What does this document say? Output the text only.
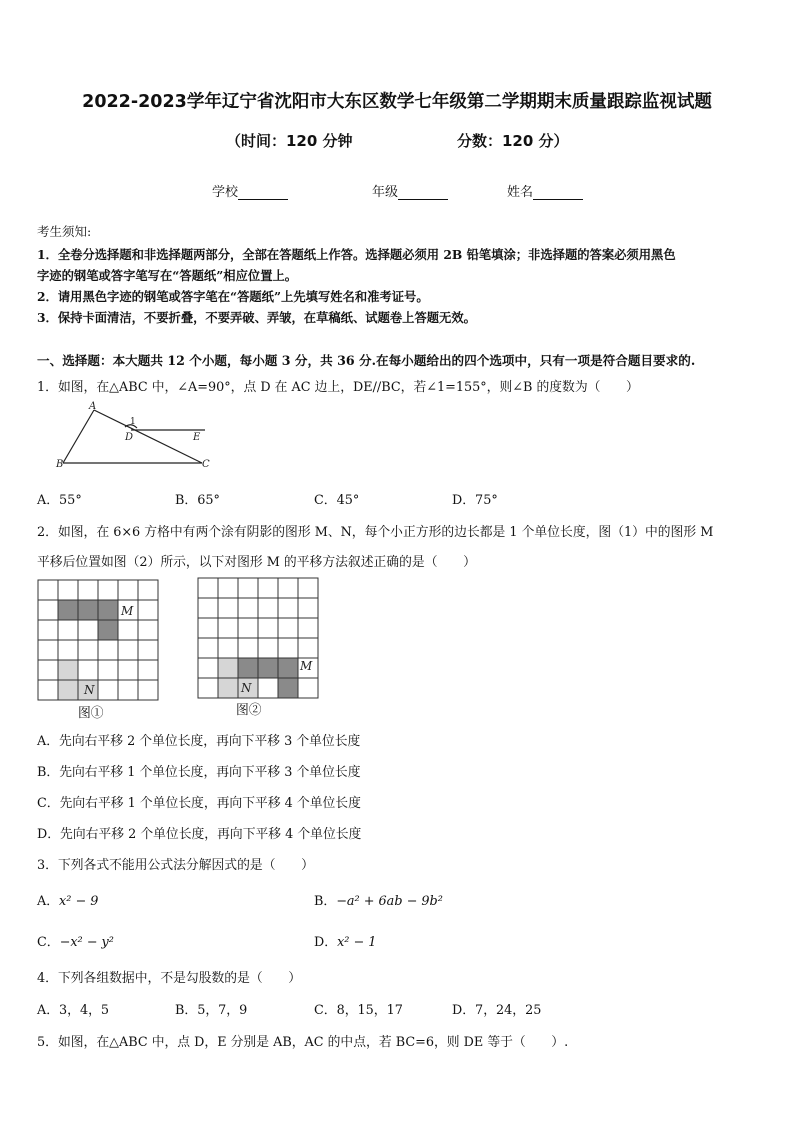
2022-2023学年辽宁省沈阳市大东区数学七年级第二学期期末质量跟踪监视试题
（时间：120 分钟	分数：120 分）
学校	年级	姓名
考生须知:
1．全卷分选择题和非选择题两部分，全部在答题纸上作答。选择题必须用 2B 铅笔填涂；非选择题的答案必须用黑色
字迹的钢笔或答字笔写在“答题纸”相应位置上。
2．请用黑色字迹的钢笔或答字笔在“答题纸”上先填写姓名和准考证号。
3．保持卡面清洁，不要折叠，不要弄破、弄皱，在草稿纸、试题卷上答题无效。
一、选择题：本大题共 12 个小题，每小题 3 分，共 36 分.在每小题给出的四个选项中，只有一项是符合题目要求的.
1．如图，在△ABC 中，∠A=90°，点 D 在 AC 边上，DE//BC，若∠1=155°，则∠B 的度数为（　　）
A
1
D	E
B	C
A．55°	B．65°	C．45°	D．75°
2．如图，在 6×6 方格中有两个涂有阴影的图形 M、N，每个小正方形的边长都是 1 个单位长度，图（1）中的图形 M
平移后位置如图（2）所示，以下对图形 M 的平移方法叙述正确的是（　　）
M
N
图①
M
N
图②
A．先向右平移 2 个单位长度，再向下平移 3 个单位长度
B．先向右平移 1 个单位长度，再向下平移 3 个单位长度
C．先向右平移 1 个单位长度，再向下平移 4 个单位长度
D．先向右平移 2 个单位长度，再向下平移 4 个单位长度
3．下列各式不能用公式法分解因式的是（　　）
A．x² − 9	B．−a² + 6ab − 9b²
C．−x² − y²	D．x² − 1
4．下列各组数据中，不是勾股数的是（　　）
A．3，4，5	B．5，7，9	C．8，15，17	D．7，24，25
5．如图，在△ABC 中，点 D，E 分别是 AB，AC 的中点，若 BC=6，则 DE 等于（　　）.
